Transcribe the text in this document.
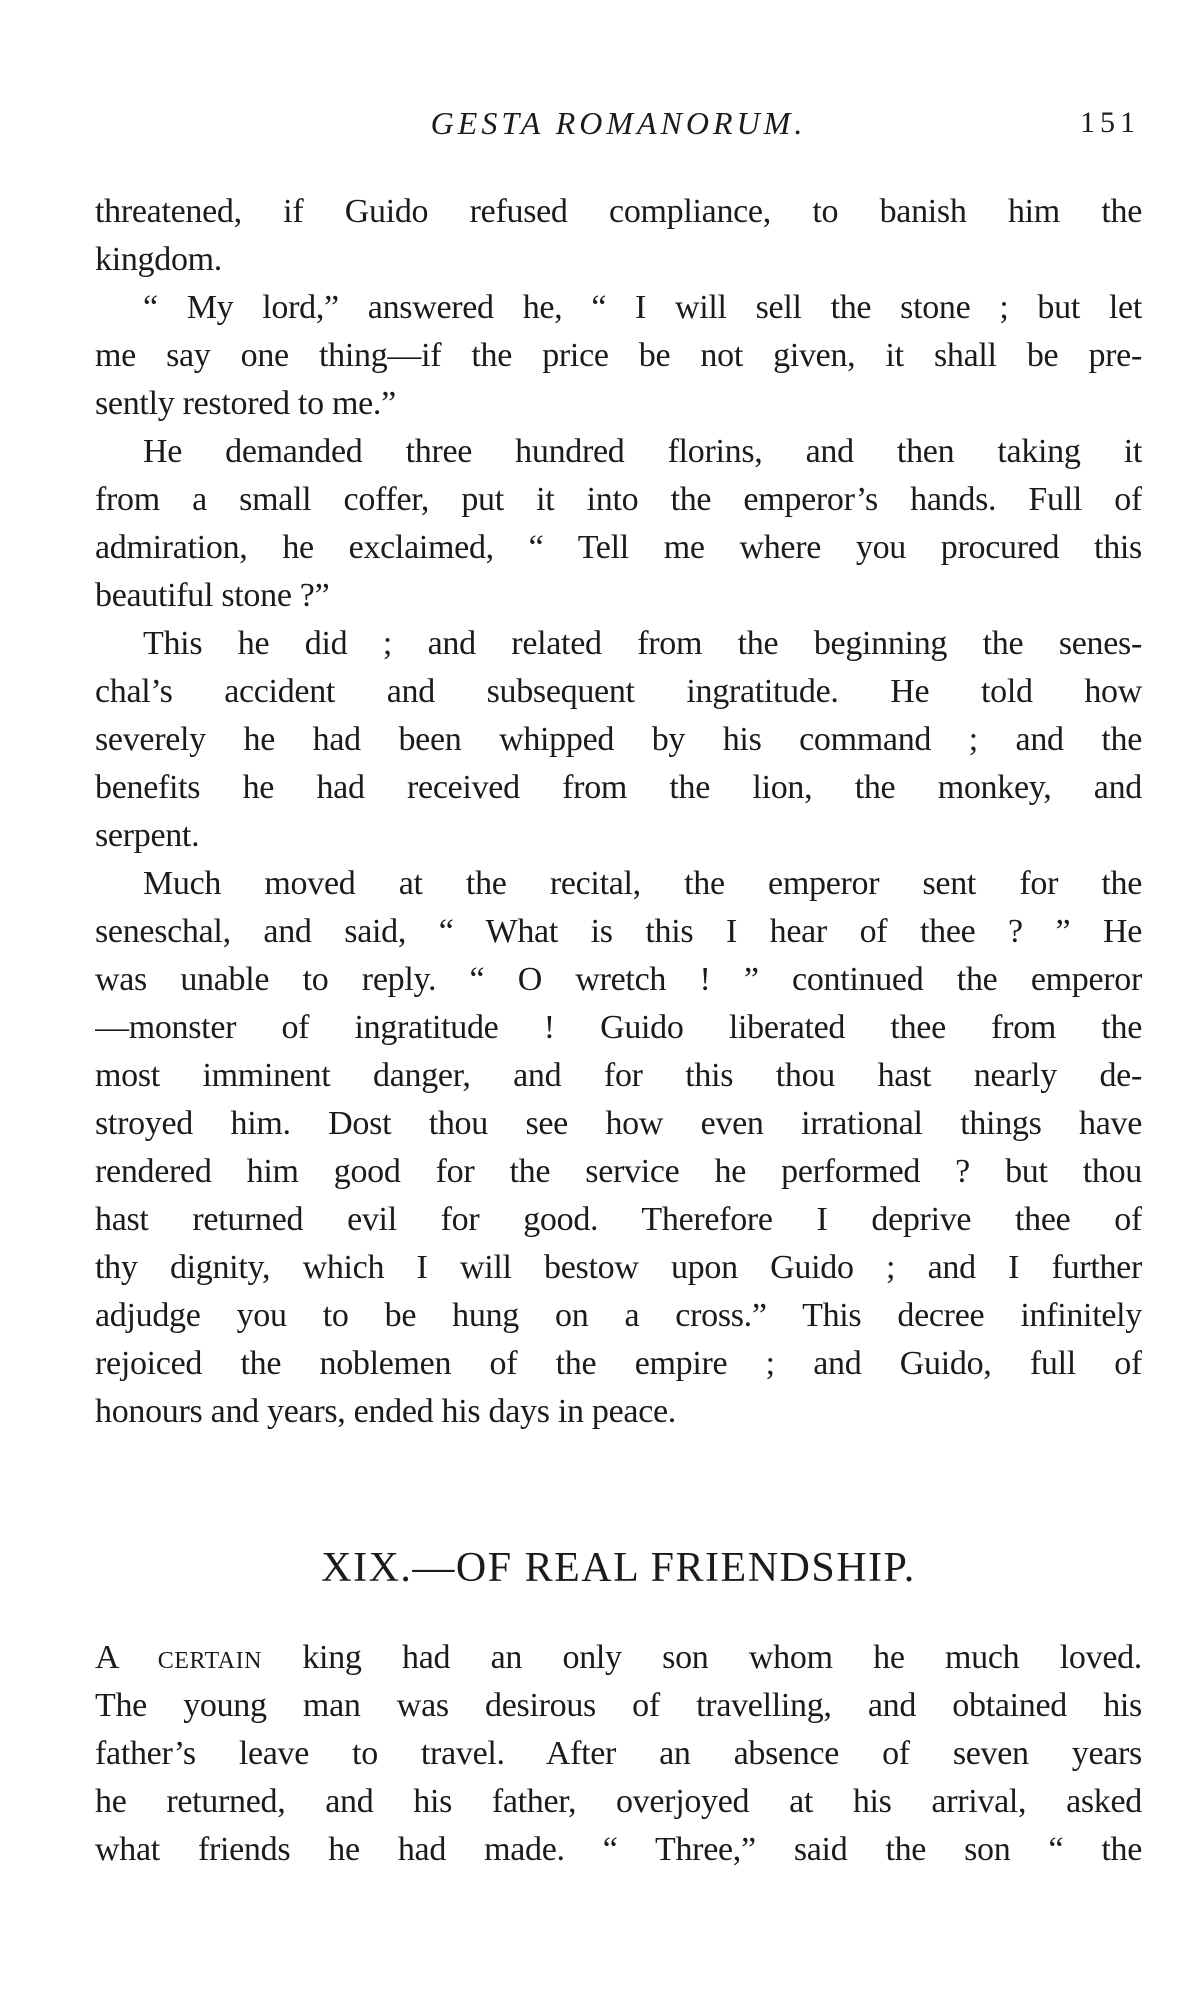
GESTA ROMANORUM.	151
threatened, if Guido refused compliance, to banish him the
kingdom.
“ My lord,” answered he, “ I will sell the stone ; but let
me say one thing—if the price be not given, it shall be pre-
sently restored to me.”
He demanded three hundred florins, and then taking it
from a small coffer, put it into the emperor’s hands. Full of
admiration, he exclaimed, “ Tell me where you procured this
beautiful stone ?”
This he did ; and related from the beginning the senes-
chal’s accident and subsequent ingratitude. He told how
severely he had been whipped by his command ; and the
benefits he had received from the lion, the monkey, and
serpent.
Much moved at the recital, the emperor sent for the
seneschal, and said, “ What is this I hear of thee ? ” He
was unable to reply. “ O wretch ! ” continued the emperor
—monster of ingratitude ! Guido liberated thee from the
most imminent danger, and for this thou hast nearly de-
stroyed him. Dost thou see how even irrational things have
rendered him good for the service he performed ? but thou
hast returned evil for good. Therefore I deprive thee of
thy dignity, which I will bestow upon Guido ; and I further
adjudge you to be hung on a cross.” This decree infinitely
rejoiced the noblemen of the empire ; and Guido, full of
honours and years, ended his days in peace.
XIX.—OF REAL FRIENDSHIP.
A certain king had an only son whom he much loved.
The young man was desirous of travelling, and obtained his
father’s leave to travel. After an absence of seven years
he returned, and his father, overjoyed at his arrival, asked
what friends he had made. “ Three,” said the son “ the
